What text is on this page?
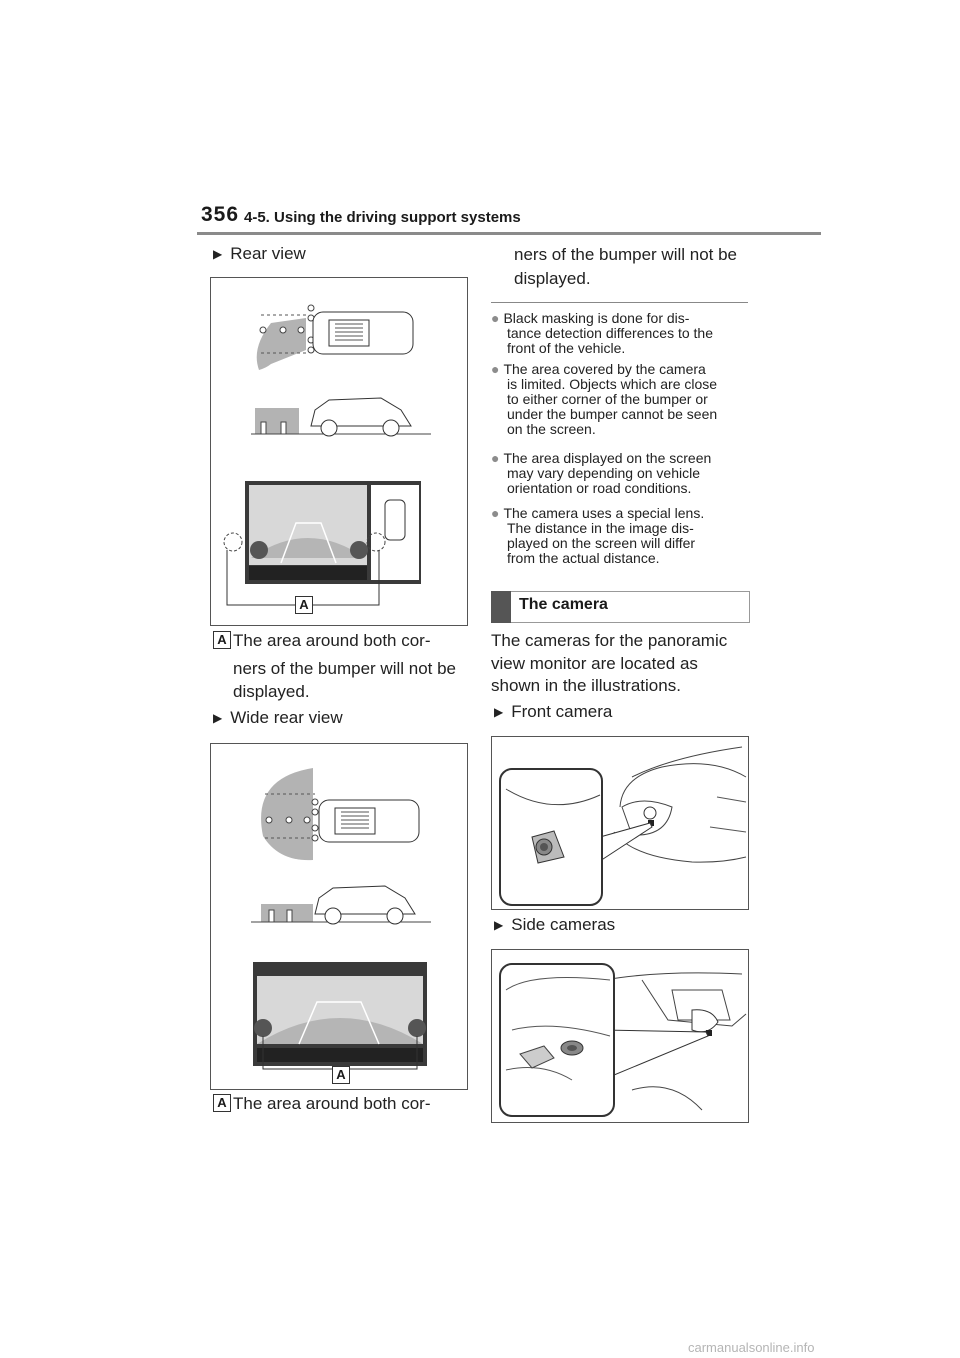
356 4-5. Using the driving support systems
▶ Rear view
A
A The area around both cor-
ners of the bumper will not be
displayed.
▶ Wide rear view
A
A The area around both cor-
ners of the bumper will not be
displayed.
● Black masking is done for dis-
tance detection differences to the
front of the vehicle.
● The area covered by the camera
is limited. Objects which are close
to either corner of the bumper or
under the bumper cannot be seen
on the screen.
● The area displayed on the screen
may vary depending on vehicle
orientation or road conditions.
● The camera uses a special lens.
The distance in the image dis-
played on the screen will differ
from the actual distance.
The camera
The cameras for the panoramic
view monitor are located as
shown in the illustrations.
▶ Front camera
▶ Side cameras
carmanualsonline.info
